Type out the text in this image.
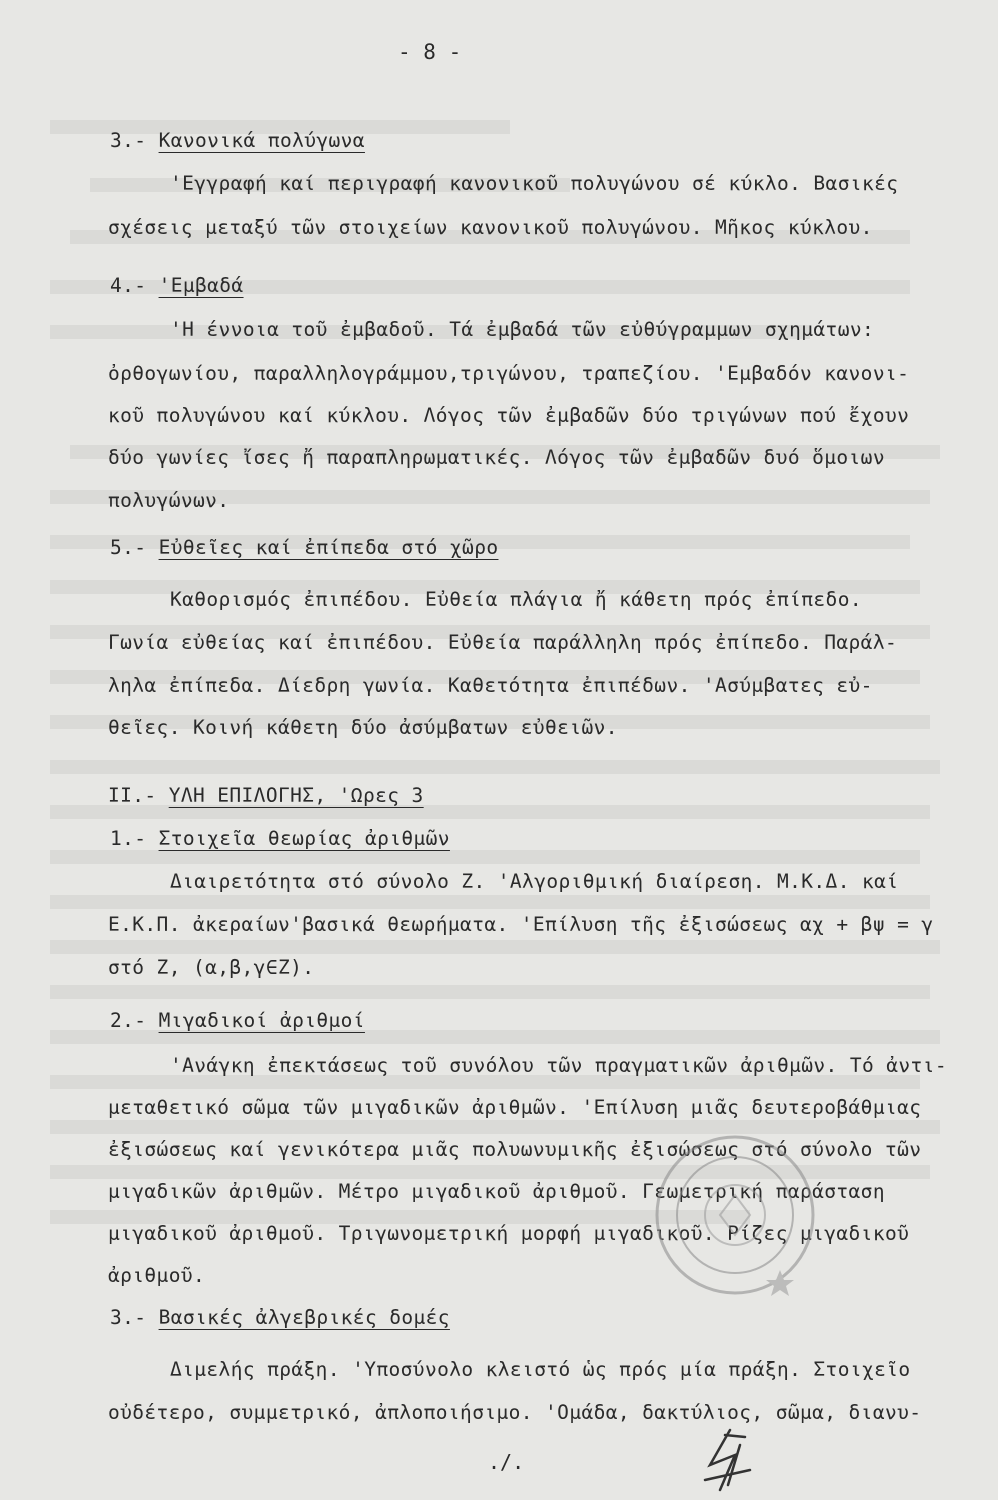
- 8 -
3.- Κανονικά πολύγωνα
'Εγγραφή καί περιγραφή κανονικοῦ πολυγώνου σέ κύκλο. Βασικές
σχέσεις μεταξύ τῶν στοιχείων κανονικοῦ πολυγώνου. Μῆκος κύκλου.
4.- 'Εμβαδά
'Η έννοια τοῦ ἐμβαδοῦ. Τά ἐμβαδά τῶν εὐθύγραμμων σχημάτων:
ὀρθογωνίου, παραλληλογράμμου,τριγώνου, τραπεζίου. 'Εμβαδόν κανονι-
κοῦ πολυγώνου καί κύκλου. Λόγος τῶν ἐμβαδῶν δύο τριγώνων πού ἔχουν
δύο γωνίες ἴσες ἤ παραπληρωματικές. Λόγος τῶν ἐμβαδῶν δυό ὅμοιων
πολυγώνων.
5.- Εὐθεῖες καί ἐπίπεδα στό χῶρο
Καθορισμός ἐπιπέδου. Εὐθεία πλάγια ἤ κάθετη πρός ἐπίπεδο.
Γωνία εὐθείας καί ἐπιπέδου. Εὐθεία παράλληλη πρός ἐπίπεδο. Παράλ-
ληλα ἐπίπεδα. Δίεδρη γωνία. Καθετότητα ἐπιπέδων. 'Ασύμβατες εὐ-
θεῖες. Κοινή κάθετη δύο ἀσύμβατων εὐθειῶν.
ΙΙ.- ΥΛΗ ΕΠΙΛΟΓΗΣ, 'Ωρες 3
1.- Στοιχεῖα θεωρίας ἀριθμῶν
Διαιρετότητα στό σύνολο Ζ. 'Αλγοριθμική διαίρεση. Μ.Κ.Δ. καί
Ε.Κ.Π. ἀκεραίων'βασικά θεωρήματα. 'Επίλυση τῆς ἐξισώσεως αχ + βψ = γ
στό Ζ, (α,β,γ∈Ζ).
2.- Μιγαδικοί ἀριθμοί
'Ανάγκη ἐπεκτάσεως τοῦ συνόλου τῶν πραγματικῶν ἀριθμῶν. Τό ἀντι-
μεταθετικό σῶμα τῶν μιγαδικῶν ἀριθμῶν. 'Επίλυση μιᾶς δευτεροβάθμιας
ἐξισώσεως καί γενικότερα μιᾶς πολυωνυμικῆς ἐξισώσεως στό σύνολο τῶν
μιγαδικῶν ἀριθμῶν. Μέτρο μιγαδικοῦ ἀριθμοῦ. Γεωμετρική παράσταση
μιγαδικοῦ ἀριθμοῦ. Τριγωνομετρική μορφή μιγαδικοῦ. Ρίζες μιγαδικοῦ
ἀριθμοῦ.
3.- Βασικές ἀλγεβρικές δομές
Διμελής πράξη. 'Υποσύνολο κλειστό ὡς πρός μία πράξη. Στοιχεῖο
οὐδέτερο, συμμετρικό, ἀπλοποιήσιμο. 'Ομάδα, δακτύλιος, σῶμα, διανυ-
./.
